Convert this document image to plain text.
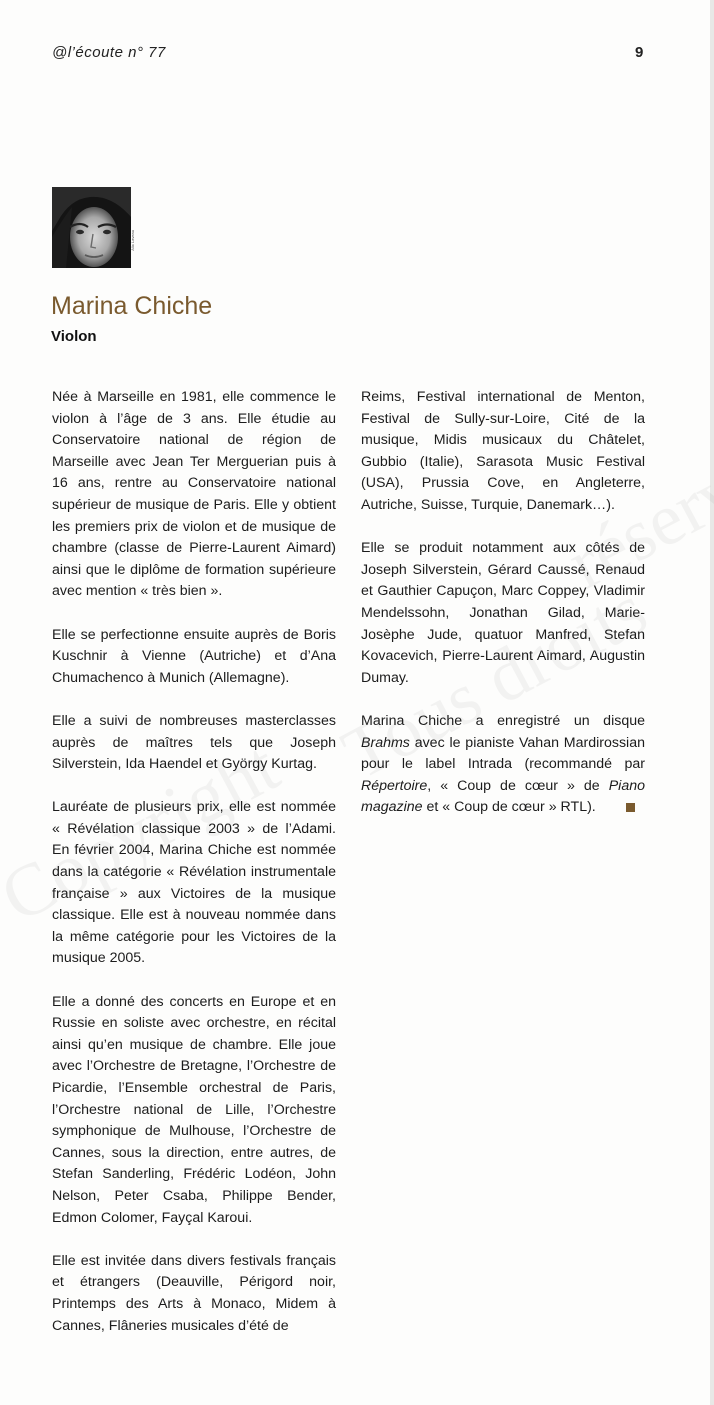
@l’écoute n° 77	9
Alix Laveau
Marina Chiche
Violon

Née à Marseille en 1981, elle commence le violon à l’âge de 3 ans. Elle étudie au Conservatoire national de région de Marseille avec Jean Ter Merguerian puis à 16 ans, rentre au Conservatoire national supérieur de musique de Paris. Elle y obtient les premiers prix de violon et de musique de chambre (classe de Pierre-Laurent Aimard) ainsi que le diplôme de formation supérieure avec mention « très bien ».

Elle se perfectionne ensuite auprès de Boris Kuschnir à Vienne (Autriche) et d’Ana Chumachenco à Munich (Allemagne).

Elle a suivi de nombreuses masterclasses auprès de maîtres tels que Joseph Silverstein, Ida Haendel et György Kurtag.

Lauréate de plusieurs prix, elle est nommée « Révélation classique 2003 » de l’Adami. En février 2004, Marina Chiche est nommée dans la catégorie « Révélation instrumentale française » aux Victoires de la musique classique. Elle est à nouveau nommée dans la même catégorie pour les Victoires de la musique 2005.

Elle a donné des concerts en Europe et en Russie en soliste avec orchestre, en récital ainsi qu’en musique de chambre. Elle joue avec l’Orchestre de Bretagne, l’Orchestre de Picardie, l’Ensemble orchestral de Paris, l’Orchestre national de Lille, l’Orchestre symphonique de Mulhouse, l’Orchestre de Cannes, sous la direction, entre autres, de Stefan Sanderling, Frédéric Lodéon, John Nelson, Peter Csaba, Philippe Bender, Edmon Colomer, Fayçal Karoui.

Elle est invitée dans divers festivals français et étrangers (Deauville, Périgord noir, Printemps des Arts à Monaco, Midem à Cannes, Flâneries musicales d’été de

Reims, Festival international de Menton, Festival de Sully-sur-Loire, Cité de la musique, Midis musicaux du Châtelet, Gubbio (Italie), Sarasota Music Festival (USA), Prussia Cove, en Angleterre, Autriche, Suisse, Turquie, Danemark…).

Elle se produit notamment aux côtés de Joseph Silverstein, Gérard Caussé, Renaud et Gauthier Capuçon, Marc Coppey, Vladimir Mendelssohn, Jonathan Gilad, Marie-Josèphe Jude, quatuor Manfred, Stefan Kovacevich, Pierre-Laurent Aimard, Augustin Dumay.

Marina Chiche a enregistré un disque Brahms avec le pianiste Vahan Mardirossian pour le label Intrada (recommandé par Répertoire, « Coup de cœur » de Piano magazine et « Coup de cœur » RTL).
